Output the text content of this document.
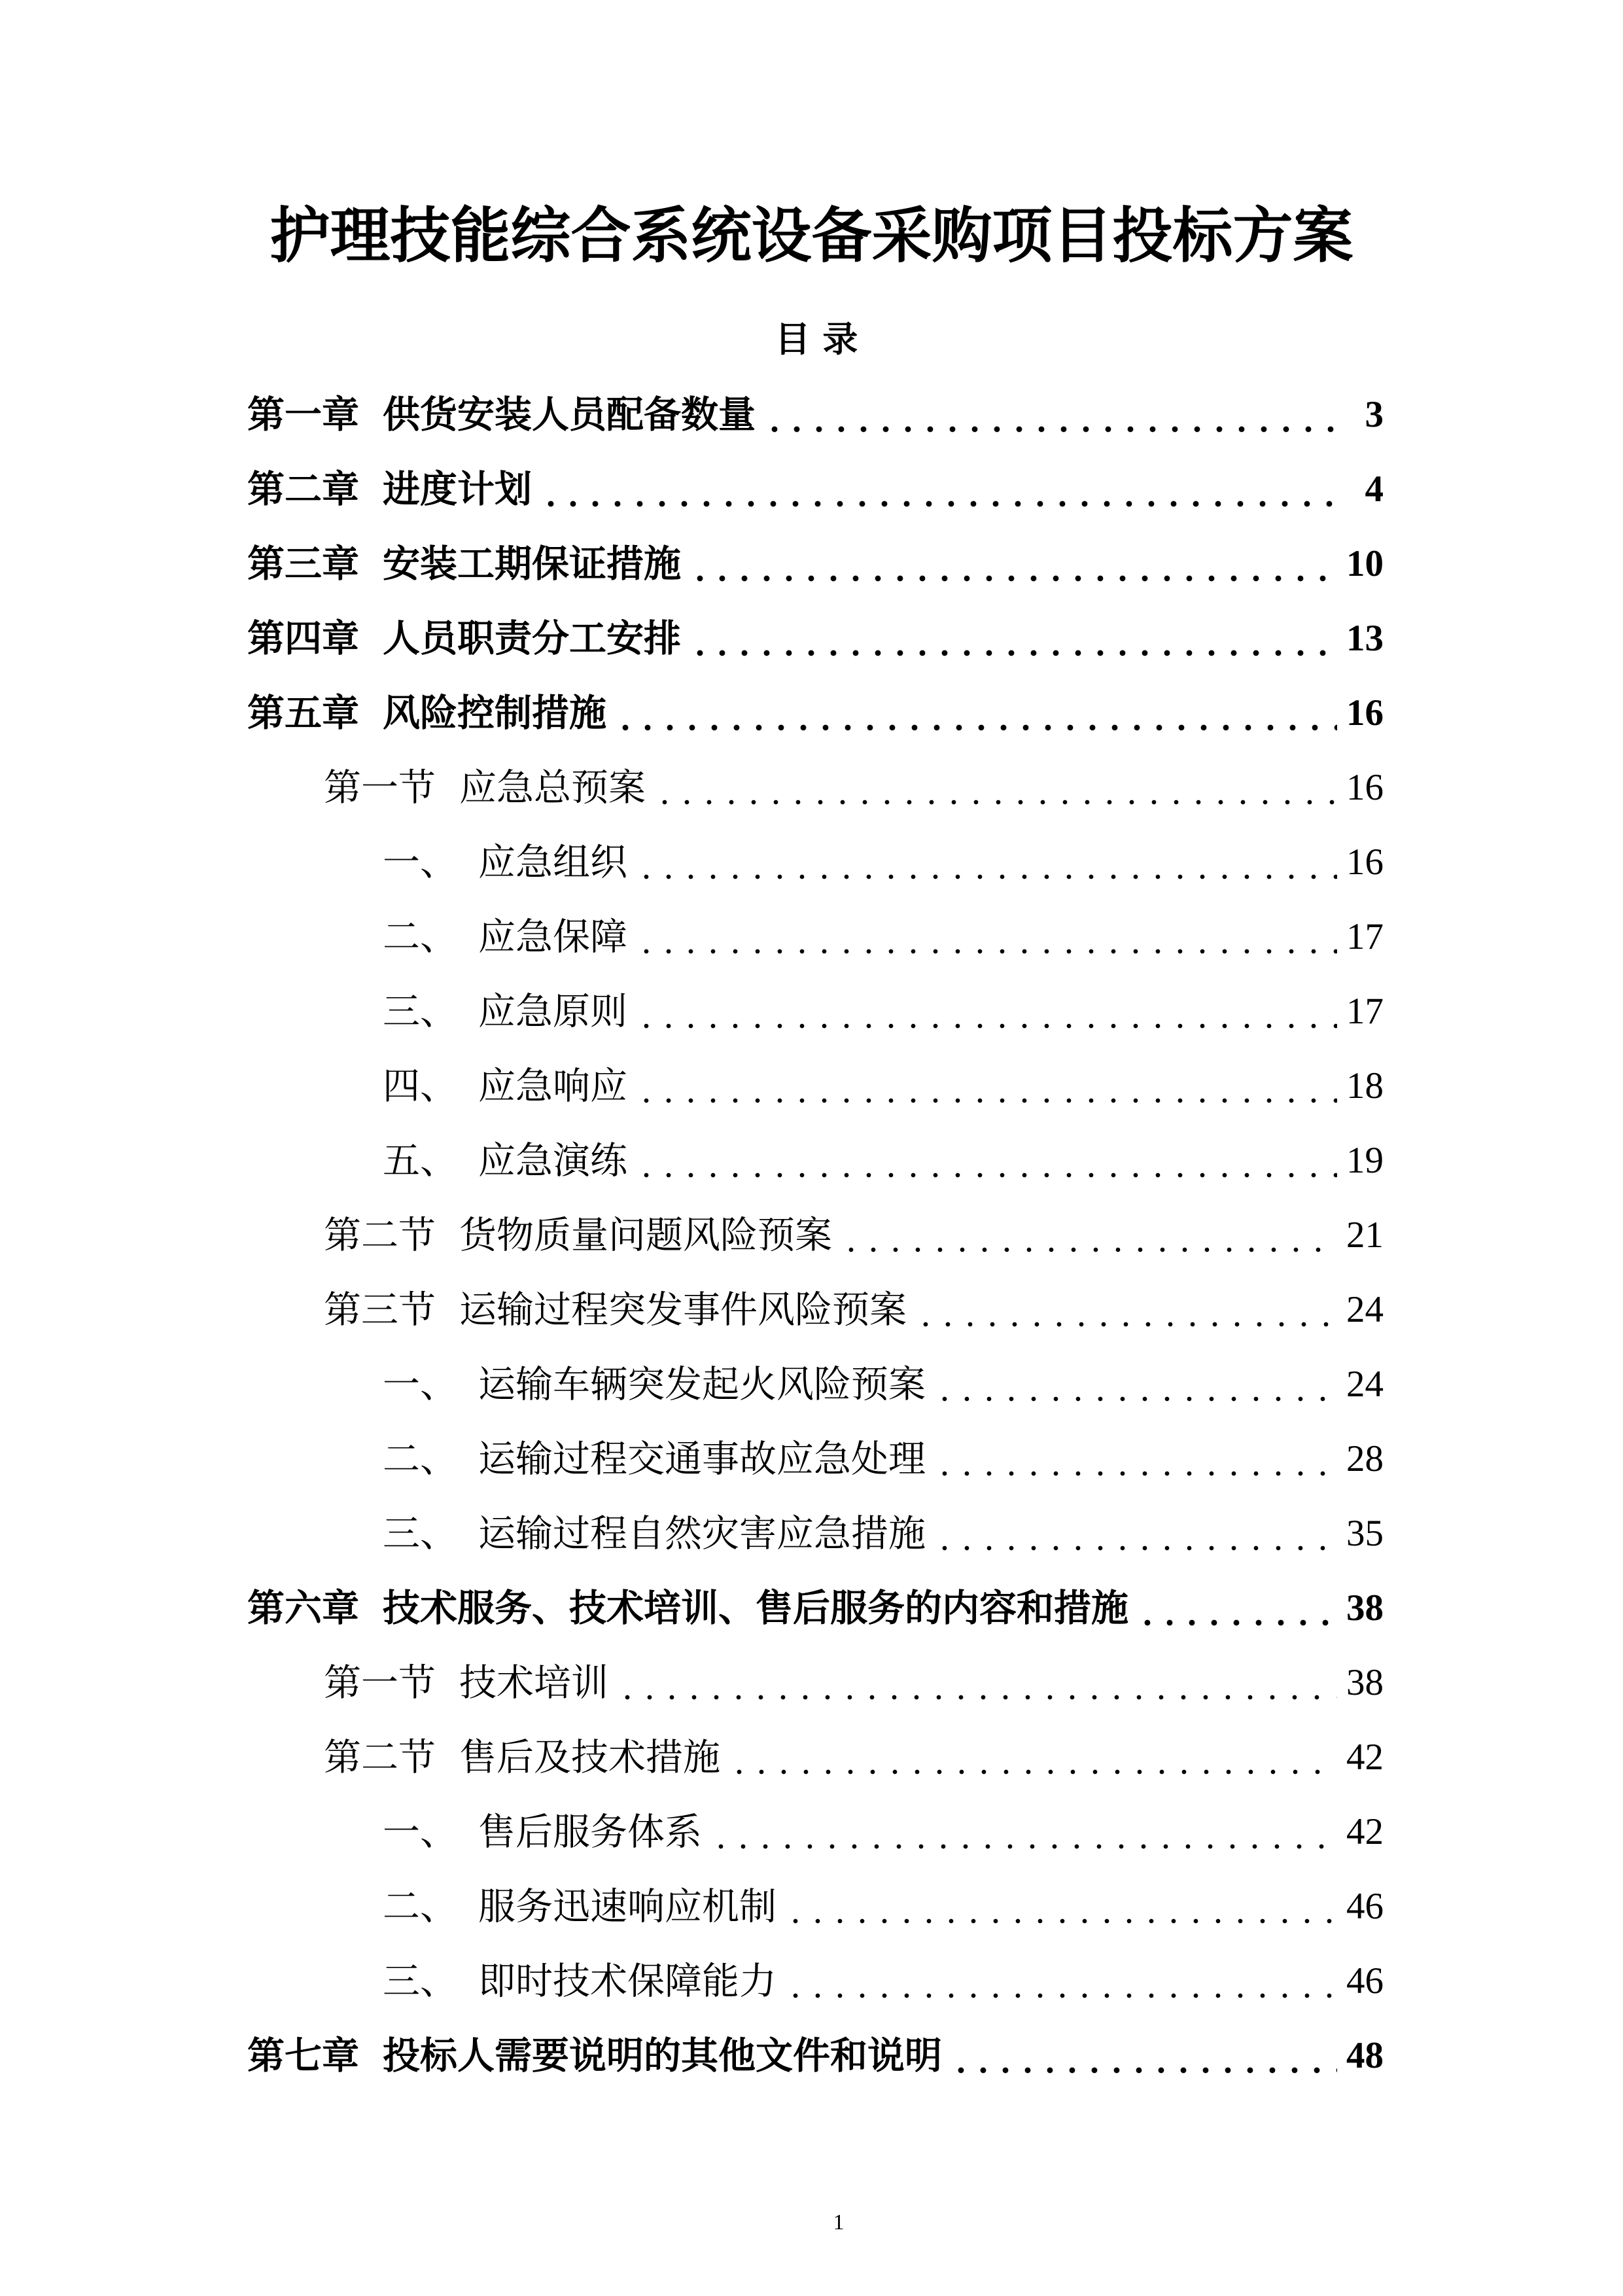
护理技能综合系统设备采购项目投标方案
目 录
第一章 供货安装人员配备数量	3
第二章 进度计划	4
第三章 安装工期保证措施	10
第四章 人员职责分工安排	13
第五章 风险控制措施	16
第一节 应急总预案	16
一、 应急组织	16
二、 应急保障	17
三、 应急原则	17
四、 应急响应	18
五、 应急演练	19
第二节 货物质量问题风险预案	21
第三节 运输过程突发事件风险预案	24
一、 运输车辆突发起火风险预案	24
二、 运输过程交通事故应急处理	28
三、 运输过程自然灾害应急措施	35
第六章 技术服务、技术培训、售后服务的内容和措施	38
第一节 技术培训	38
第二节 售后及技术措施	42
一、 售后服务体系	42
二、 服务迅速响应机制	46
三、 即时技术保障能力	46
第七章 投标人需要说明的其他文件和说明	48
1
